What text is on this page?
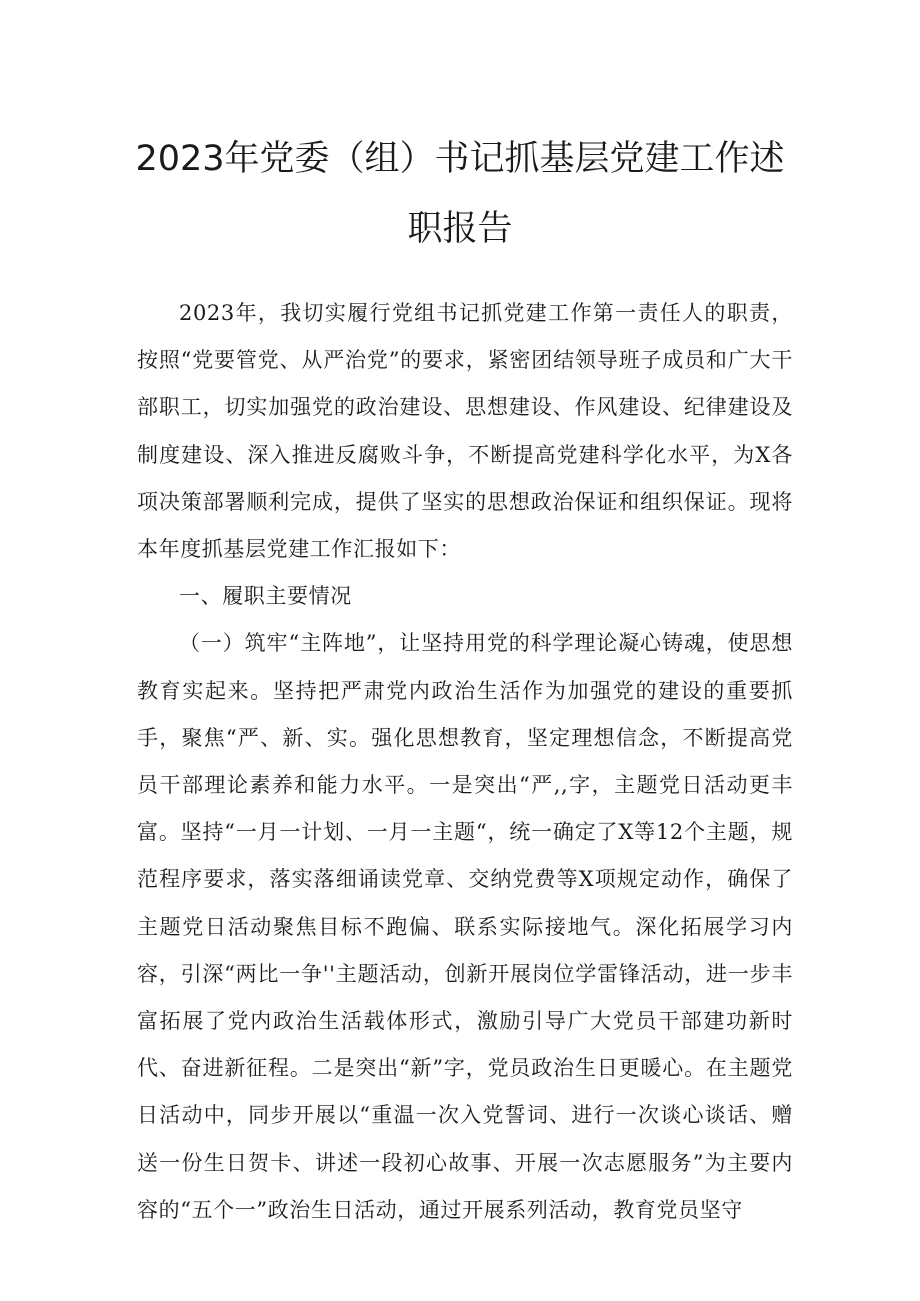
2023年党委（组）书记抓基层党建工作述职报告

2023年，我切实履行党组书记抓党建工作第一责任人的职责，按照“党要管党、从严治党”的要求，紧密团结领导班子成员和广大干部职工，切实加强党的政治建设、思想建设、作风建设、纪律建设及制度建设、深入推进反腐败斗争，不断提高党建科学化水平，为X各项决策部署顺利完成，提供了坚实的思想政治保证和组织保证。现将本年度抓基层党建工作汇报如下：

一、履职主要情况

（一）筑牢“主阵地”，让坚持用党的科学理论凝心铸魂，使思想教育实起来。坚持把严肃党内政治生活作为加强党的建设的重要抓手，聚焦“严、新、实。强化思想教育，坚定理想信念，不断提高党员干部理论素养和能力水平。一是突出“严,,字，主题党日活动更丰富。坚持“一月一计划、一月一主题“，统一确定了X等12个主题，规范程序要求，落实落细诵读党章、交纳党费等X项规定动作，确保了主题党日活动聚焦目标不跑偏、联系实际接地气。深化拓展学习内容，引深“两比一争''主题活动，创新开展岗位学雷锋活动，进一步丰富拓展了党内政治生活载体形式，激励引导广大党员干部建功新时代、奋进新征程。二是突出“新”字，党员政治生日更暖心。在主题党日活动中，同步开展以“重温一次入党誓词、进行一次谈心谈话、赠送一份生日贺卡、讲述一段初心故事、开展一次志愿服务”为主要内容的“五个一”政治生日活动，通过开展系列活动，教育党员坚守
